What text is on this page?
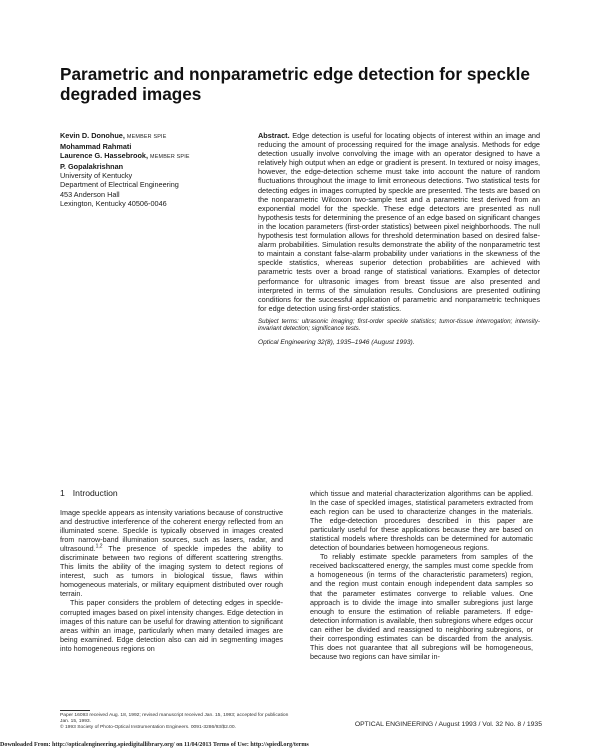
Parametric and nonparametric edge detection for speckle degraded images
Kevin D. Donohue, MEMBER SPIE
Mohammad Rahmati
Laurence G. Hassebrook, MEMBER SPIE
P. Gopalakrishnan
University of Kentucky
Department of Electrical Engineering
453 Anderson Hall
Lexington, Kentucky 40506-0046

Abstract. Edge detection is useful for locating objects of interest within an image and reducing the amount of processing required for the image analysis. Methods for edge detection usually involve convolving the image with an operator designed to have a relatively high output when an edge or gradient is present. In textured or noisy images, however, the edge-detection scheme must take into account the nature of random fluctuations throughout the image to limit erroneous detections. Two statistical tests for detecting edges in images corrupted by speckle are presented. The tests are based on the nonparametric Wilcoxon two-sample test and a parametric test derived from an exponential model for the speckle. These edge detectors are presented as null hypothesis tests for determining the presence of an edge based on significant changes in the location parameters (first-order statistics) between pixel neighborhoods. The null hypothesis test formulation allows for threshold determination based on desired false-alarm probabilities. Simulation results demonstrate the ability of the nonparametric test to maintain a constant false-alarm probability under variations in the skewness of the speckle statistics, whereas superior detection probabilities are achieved with parametric tests over a broad range of statistical variations. Examples of detector performance for ultrasonic images from breast tissue are also presented and interpreted in terms of the simulation results. Conclusions are presented outlining conditions for the successful application of parametric and nonparametric techniques for edge detection using first-order statistics.

Subject terms: ultrasonic imaging; first-order speckle statistics; tumor-tissue interrogation; intensity-invariant detection; significance tests.

Optical Engineering 32(8), 1935–1946 (August 1993).

1 Introduction

Image speckle appears as intensity variations because of constructive and destructive interference of the coherent energy reflected from an illuminated scene. Speckle is typically observed in images created from narrow-band illumination sources, such as lasers, radar, and ultrasound.$^{1,2}$ The presence of speckle impedes the ability to discriminate between two regions of different scattering strengths. This limits the ability of the imaging system to detect regions of interest, such as tumors in biological tissue, flaws within homogeneous materials, or military equipment distributed over rough terrain.

This paper considers the problem of detecting edges in speckle-corrupted images based on pixel intensity changes. Edge detection in images of this nature can be useful for drawing attention to significant areas within an image, particularly when many detailed images are being examined. Edge detection also can aid in segmenting images into homogeneous regions on

which tissue and material characterization algorithms can be applied. In the case of speckled images, statistical parameters extracted from each region can be used to characterize changes in the materials. The edge-detection procedures described in this paper are particularly useful for these applications because they are based on statistical models where thresholds can be determined for automatic detection of boundaries between homogeneous regions.

To reliably estimate speckle parameters from samples of the received backscattered energy, the samples must come speckle from a homogeneous (in terms of the characteristic parameters) region, and the region must contain enough independent data samples so that the parameter estimates converge to reliable values. One approach is to divide the image into smaller subregions just large enough to ensure the estimation of reliable parameters. If edge-detection information is available, then subregions where edges occur can either be divided and reassigned to neighboring subregions, or their corresponding estimates can be discarded from the analysis. This does not guarantee that all subregions will be homogeneous, because two regions can have similar in-

Paper 16093 received Aug. 18, 1992; revised manuscript received Jan. 15, 1993; accepted for publication Jan. 15, 1993.
© 1993 Society of Photo-Optical Instrumentation Engineers. 0091-3286/93/$2.00.	OPTICAL ENGINEERING / August 1993 / Vol. 32 No. 8 / 1935
Downloaded From: http://opticalengineering.spiedigitallibrary.org/ on 11/04/2013 Terms of Use: http://spiedl.org/terms
